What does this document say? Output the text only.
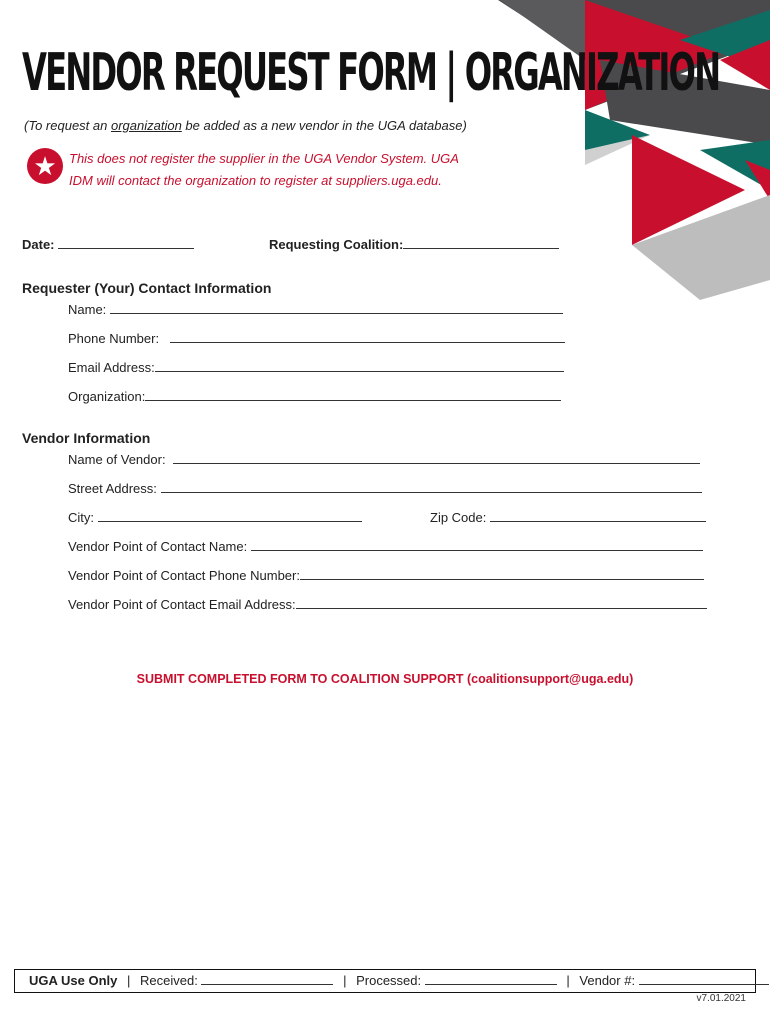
VENDOR REQUEST FORM | ORGANIZATION
(To request an organization be added as a new vendor in the UGA database)
★ This does not register the supplier in the UGA Vendor System. UGA
IDM will contact the organization to register at suppliers.uga.edu.
Date:	Requesting Coalition:
Requester (Your) Contact Information
Name:
Phone Number:
Email Address:
Organization:
Vendor Information
Name of Vendor:
Street Address:
City:	Zip Code:
Vendor Point of Contact Name:
Vendor Point of Contact Phone Number:
Vendor Point of Contact Email Address:
SUBMIT COMPLETED FORM TO COALITION SUPPORT (coalitionsupport@uga.edu)
UGA Use Only | Received:	| Processed:	| Vendor #:
v7.01.2021
